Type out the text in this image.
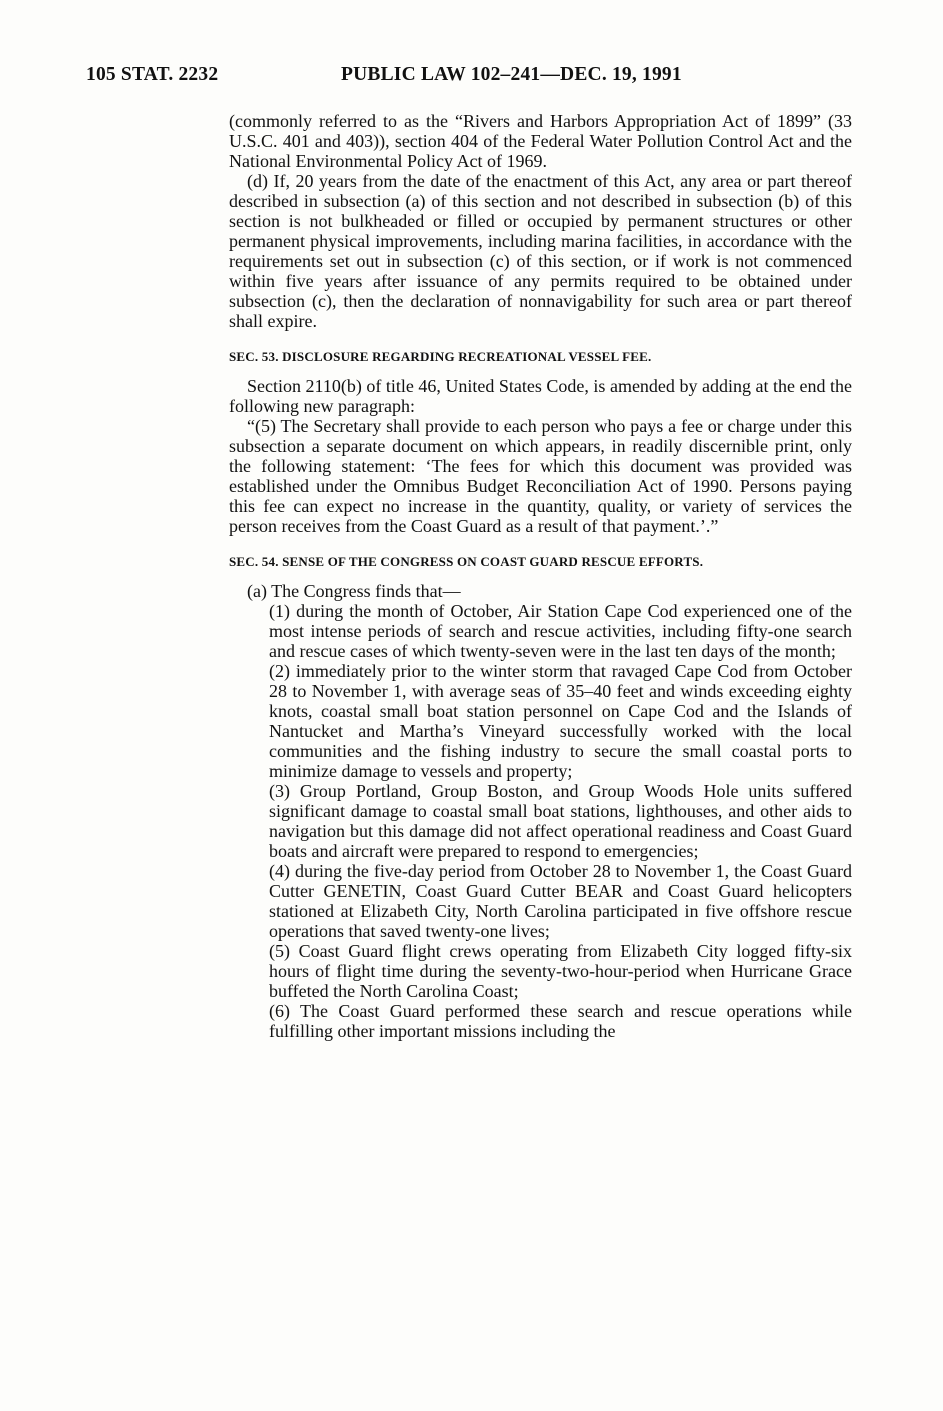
105 STAT. 2232	PUBLIC LAW 102–241—DEC. 19, 1991

(commonly referred to as the “Rivers and Harbors Appropriation Act of 1899” (33 U.S.C. 401 and 403)), section 404 of the Federal Water Pollution Control Act and the National Environmental Policy Act of 1969.

(d) If, 20 years from the date of the enactment of this Act, any area or part thereof described in subsection (a) of this section and not described in subsection (b) of this section is not bulkheaded or filled or occupied by permanent structures or other permanent physical improvements, including marina facilities, in accordance with the requirements set out in subsection (c) of this section, or if work is not commenced within five years after issuance of any permits required to be obtained under subsection (c), then the declaration of nonnavigability for such area or part thereof shall expire.

SEC. 53. DISCLOSURE REGARDING RECREATIONAL VESSEL FEE.

Section 2110(b) of title 46, United States Code, is amended by adding at the end the following new paragraph:

“(5) The Secretary shall provide to each person who pays a fee or charge under this subsection a separate document on which appears, in readily discernible print, only the following statement: ‘The fees for which this document was provided was established under the Omnibus Budget Reconciliation Act of 1990. Persons paying this fee can expect no increase in the quantity, quality, or variety of services the person receives from the Coast Guard as a result of that payment.’.”

SEC. 54. SENSE OF THE CONGRESS ON COAST GUARD RESCUE EFFORTS.

(a) The Congress finds that—

(1) during the month of October, Air Station Cape Cod experienced one of the most intense periods of search and rescue activities, including fifty-one search and rescue cases of which twenty-seven were in the last ten days of the month;

(2) immediately prior to the winter storm that ravaged Cape Cod from October 28 to November 1, with average seas of 35–40 feet and winds exceeding eighty knots, coastal small boat station personnel on Cape Cod and the Islands of Nantucket and Martha’s Vineyard successfully worked with the local communities and the fishing industry to secure the small coastal ports to minimize damage to vessels and property;

(3) Group Portland, Group Boston, and Group Woods Hole units suffered significant damage to coastal small boat stations, lighthouses, and other aids to navigation but this damage did not affect operational readiness and Coast Guard boats and aircraft were prepared to respond to emergencies;

(4) during the five-day period from October 28 to November 1, the Coast Guard Cutter GENETIN, Coast Guard Cutter BEAR and Coast Guard helicopters stationed at Elizabeth City, North Carolina participated in five offshore rescue operations that saved twenty-one lives;

(5) Coast Guard flight crews operating from Elizabeth City logged fifty-six hours of flight time during the seventy-two-hour-period when Hurricane Grace buffeted the North Carolina Coast;

(6) The Coast Guard performed these search and rescue operations while fulfilling other important missions including the
